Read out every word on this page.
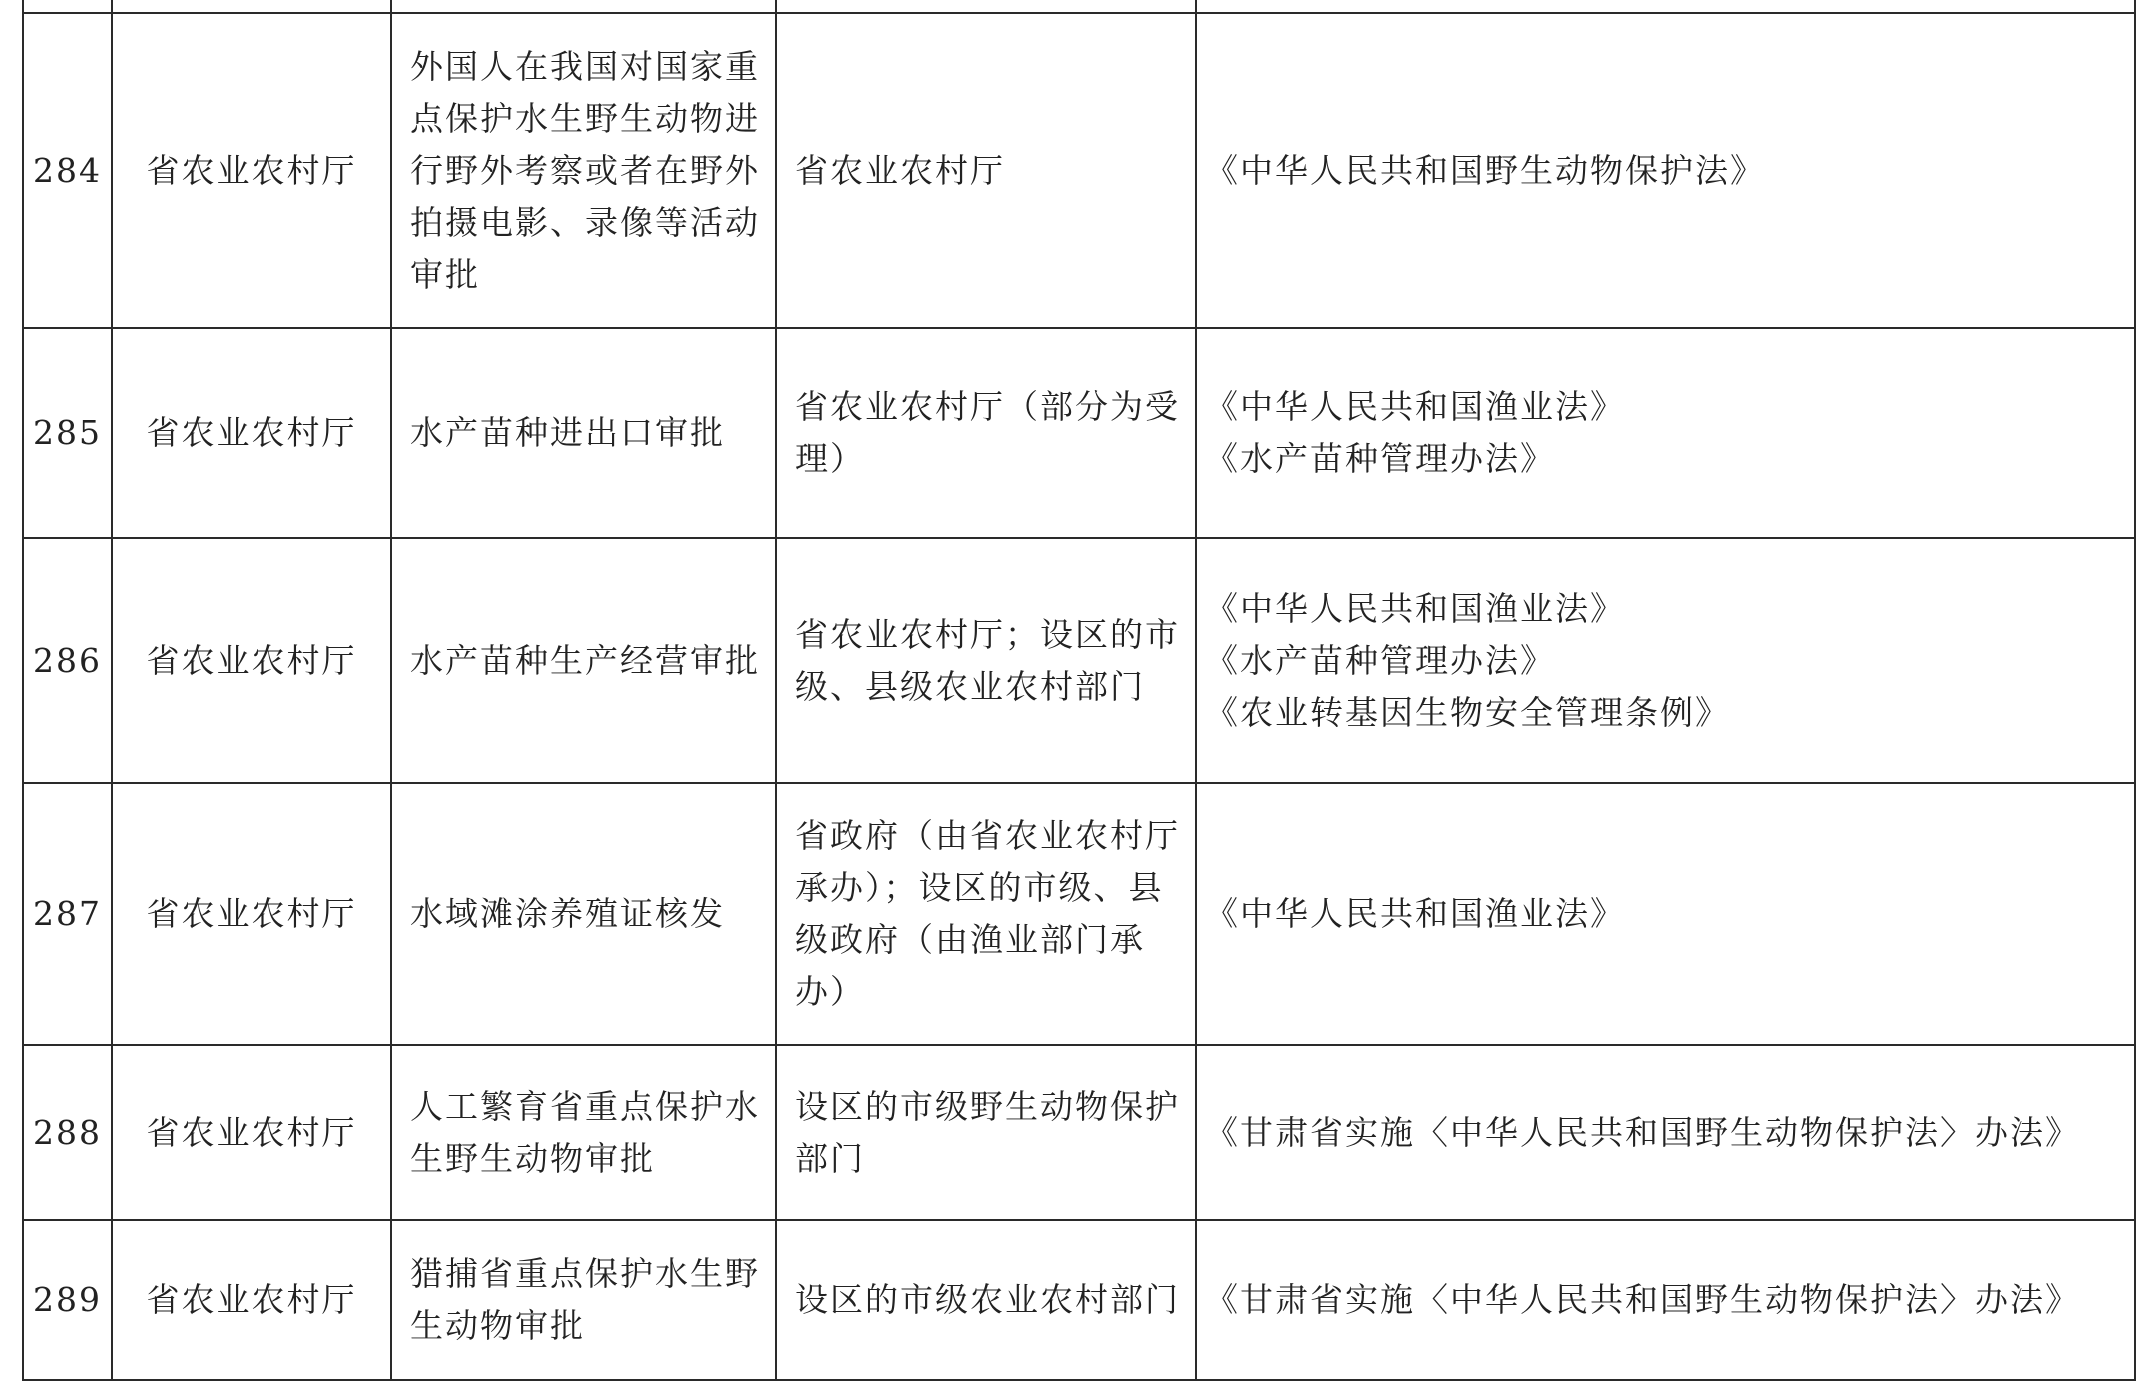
284	省农业农村厅	外国人在我国对国家重
点保护水生野生动物进
行野外考察或者在野外
拍摄电影、录像等活动
审批	省农业农村厅	《中华人民共和国野生动物保护法》

285	省农业农村厅	水产苗种进出口审批	省农业农村厅（部分为受
理）	《中华人民共和国渔业法》
《水产苗种管理办法》

286	省农业农村厅	水产苗种生产经营审批	省农业农村厅；设区的市
级、县级农业农村部门	《中华人民共和国渔业法》
《水产苗种管理办法》
《农业转基因生物安全管理条例》

287	省农业农村厅	水域滩涂养殖证核发	省政府（由省农业农村厅
承办）；设区的市级、县
级政府（由渔业部门承
办）	《中华人民共和国渔业法》

288	省农业农村厅	人工繁育省重点保护水
生野生动物审批	设区的市级野生动物保护
部门	《甘肃省实施〈中华人民共和国野生动物保护法〉办法》

289	省农业农村厅	猎捕省重点保护水生野
生动物审批	设区的市级农业农村部门	《甘肃省实施〈中华人民共和国野生动物保护法〉办法》
